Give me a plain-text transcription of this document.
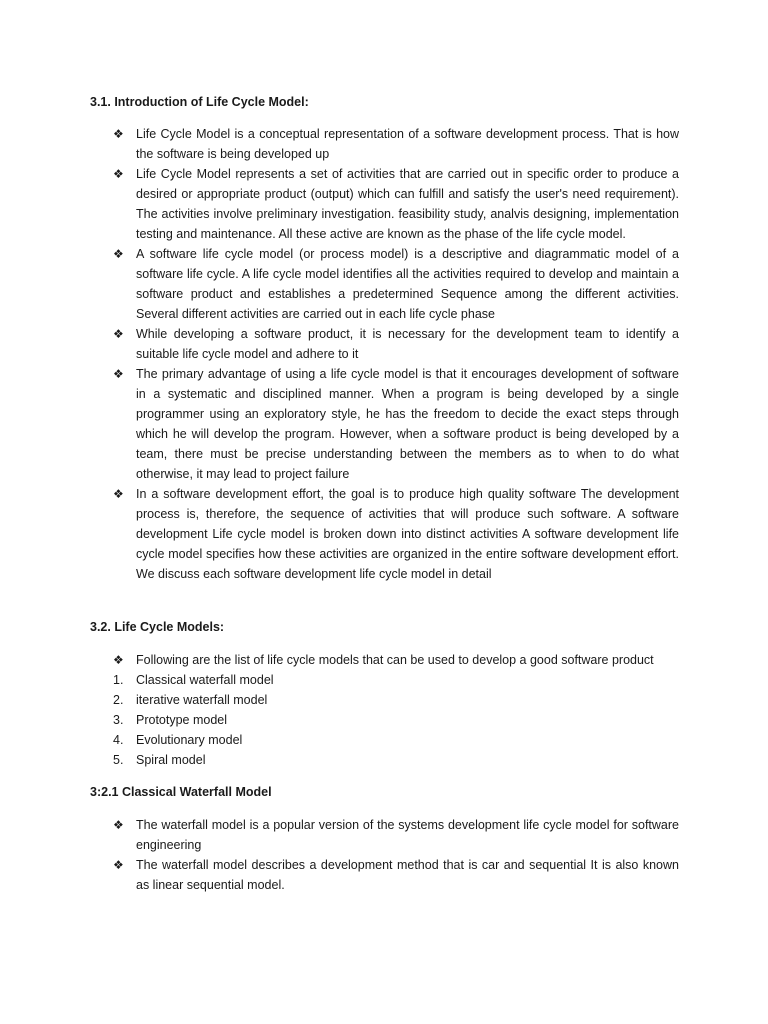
3.1. Introduction of Life Cycle Model:
❖ Life Cycle Model is a conceptual representation of a software development process. That is how the software is being developed up
❖ Life Cycle Model represents a set of activities that are carried out in specific order to produce a desired or appropriate product (output) which can fulfill and satisfy the user's need requirement). The activities involve preliminary investigation. feasibility study, analvis designing, implementation testing and maintenance. All these active are known as the phase of the life cycle model.
❖ A software life cycle model (or process model) is a descriptive and diagrammatic model of a software life cycle. A life cycle model identifies all the activities required to develop and maintain a software product and establishes a predetermined Sequence among the different activities. Several different activities are carried out in each life cycle phase
❖ While developing a software product, it is necessary for the development team to identify a suitable life cycle model and adhere to it
❖ The primary advantage of using a life cycle model is that it encourages development of software in a systematic and disciplined manner. When a program is being developed by a single programmer using an exploratory style, he has the freedom to decide the exact steps through which he will develop the program. However, when a software product is being developed by a team, there must be precise understanding between the members as to when to do what otherwise, it may lead to project failure
❖ In a software development effort, the goal is to produce high quality software The development process is, therefore, the sequence of activities that will produce such software. A software development Life cycle model is broken down into distinct activities A software development life cycle model specifies how these activities are organized in the entire software development effort. We discuss each software development life cycle model in detail
3.2. Life Cycle Models:
❖ Following are the list of life cycle models that can be used to develop a good software product
1. Classical waterfall model
2. iterative waterfall model
3. Prototype model
4. Evolutionary model
5. Spiral model
3:2.1 Classical Waterfall Model
❖ The waterfall model is a popular version of the systems development life cycle model for software engineering
❖ The waterfall model describes a development method that is car and sequential It is also known as linear sequential model.
